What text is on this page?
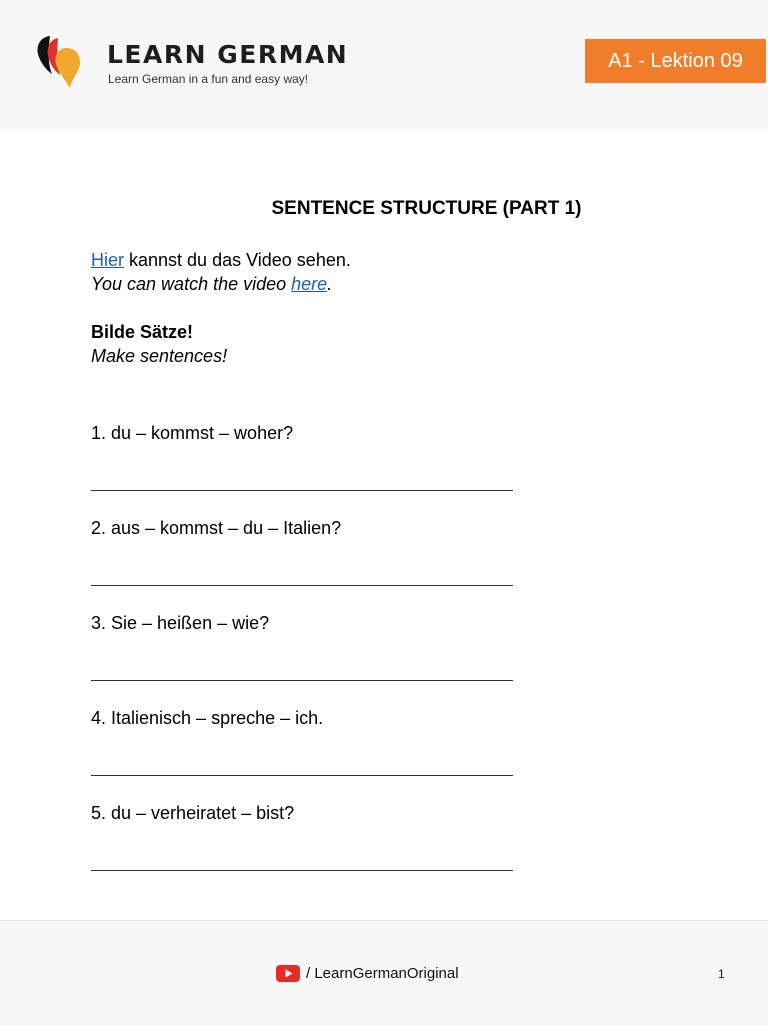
LEARN GERMAN

Learn German in a fun and easy way!

A1 - Lektion 09
SENTENCE STRUCTURE (PART 1)

Hier kannst du das Video sehen.

You can watch the video here.

Bilde Sätze!

Make sentences!

1. du – kommst – woher?

2. aus – kommst – du – Italien?

3. Sie – heißen – wie?

4. Italienisch – spreche – ich.

5. du – verheiratet – bist?

/ LearnGermanOriginal	1
